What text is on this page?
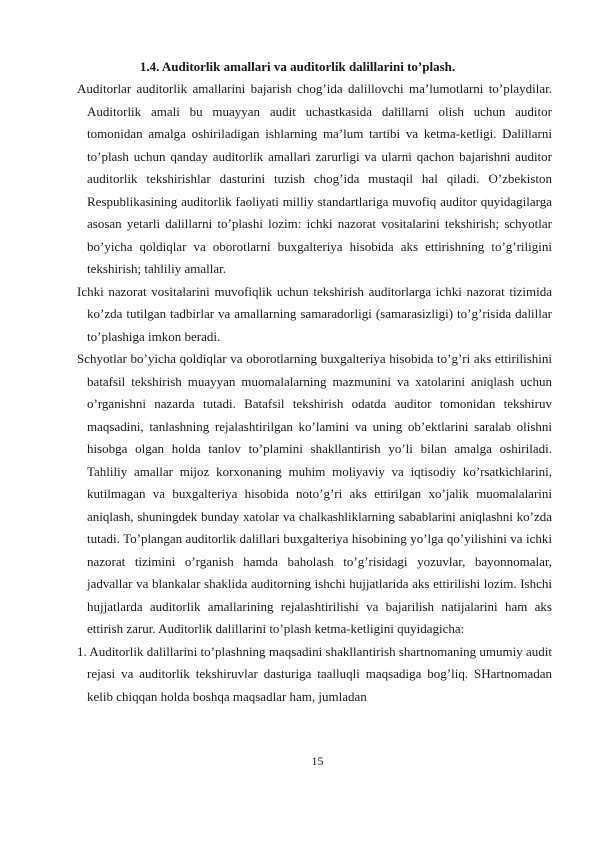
1.4. Auditorlik amallari va auditorlik dalillarini to’plash.

Auditorlar auditorlik amallarini bajarish chog’ida dalillovchi ma’lumotlarni to’playdilar. Auditorlik amali bu muayyan audit uchastkasida dalillarni olish uchun auditor tomonidan amalga oshiriladigan ishlarning ma’lum tartibi va ketma-ketligi. Dalillarni to’plash uchun qanday auditorlik amallari zarurligi va ularni qachon bajarishni auditor auditorlik tekshirishlar dasturini tuzish chog’ida mustaqil hal qiladi. O’zbekiston Respublikasining auditorlik faoliyati milliy standartlariga muvofiq auditor quyidagilarga asosan yetarli dalillarni to’plashi lozim: ichki nazorat vositalarini tekshirish; schyotlar bo’yicha qoldiqlar va oborotlarni buxgalteriya hisobida aks ettirishning to’g’riligini tekshirish; tahliliy amallar.

Ichki nazorat vositalarini muvofiqlik uchun tekshirish auditorlarga ichki nazorat tizimida ko’zda tutilgan tadbirlar va amallarning samaradorligi (samarasizligi) to’g’risida dalillar to’plashiga imkon beradi.

Schyotlar bo’yicha qoldiqlar va oborotlarning buxgalteriya hisobida to’g’ri aks ettirilishini batafsil tekshirish muayyan muomalalarning mazmunini va xatolarini aniqlash uchun o’rganishni nazarda tutadi. Batafsil tekshirish odatda auditor tomonidan tekshiruv maqsadini, tanlashning rejalashtirilgan ko’lamini va uning ob’ektlarini saralab olishni hisobga olgan holda tanlov to’plamini shakllantirish yo’li bilan amalga oshiriladi. Tahliliy amallar mijoz korxonaning muhim moliyaviy va iqtisodiy ko’rsatkichlarini, kutilmagan va buxgalteriya hisobida noto’g’ri aks ettirilgan xo’jalik muomalalarini aniqlash, shuningdek bunday xatolar va chalkashliklarning sabablarini aniqlashni ko’zda tutadi. To’plangan auditorlik dalillari buxgalteriya hisobining yo’lga qo’yilishini va ichki nazorat tizimini o’rganish hamda baholash to’g’risidagi yozuvlar, bayonnomalar, jadvallar va blankalar shaklida auditorning ishchi hujjatlarida aks ettirilishi lozim. Ishchi hujjatlarda auditorlik amallarining rejalashtirilishi va bajarilish natijalarini ham aks ettirish zarur. Auditorlik dalillarini to’plash ketma-ketligini quyidagicha:

1. Auditorlik dalillarini to’plashning maqsadini shakllantirish shartnomaning umumiy audit rejasi va auditorlik tekshiruvlar dasturiga taalluqli maqsadiga bog’liq. SHartnomadan kelib chiqqan holda boshqa maqsadlar ham, jumladan

15
